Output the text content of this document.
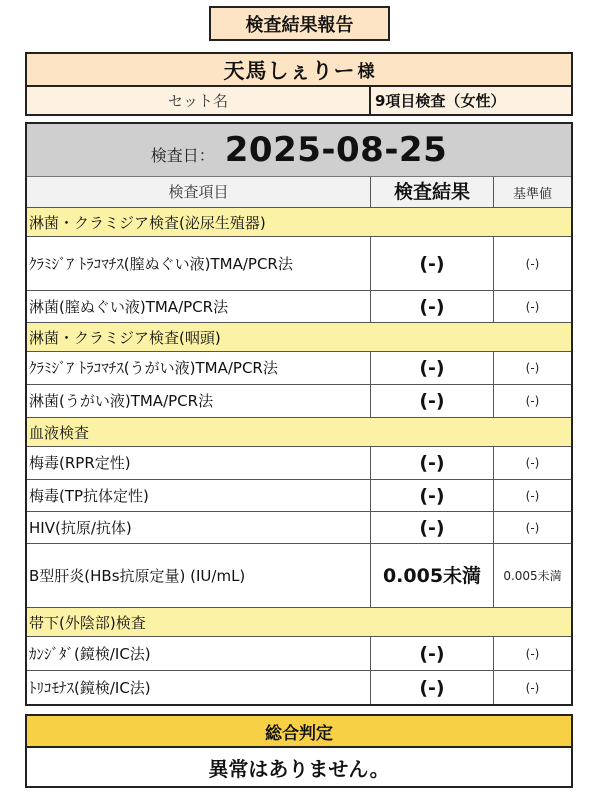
検査結果報告
天馬しぇりー 様
セット名	9項目検査（女性）
検査日： 2025-08-25
検査項目	検査結果	基準値
淋菌・クラミジア検査(泌尿生殖器)
ｸﾗﾐｼﾞｱ ﾄﾗｺﾏﾁｽ(膣ぬぐい液)TMA/PCR法	(-)	(-)
淋菌(膣ぬぐい液)TMA/PCR法	(-)	(-)
淋菌・クラミジア検査(咽頭)
ｸﾗﾐｼﾞｱ ﾄﾗｺﾏﾁｽ(うがい液)TMA/PCR法	(-)	(-)
淋菌(うがい液)TMA/PCR法	(-)	(-)
血液検査
梅毒(RPR定性)	(-)	(-)
梅毒(TP抗体定性)	(-)	(-)
HIV(抗原/抗体)	(-)	(-)
B型肝炎(HBs抗原定量) (IU/mL)	0.005未満	0.005未満
帯下(外陰部)検査
ｶﾝｼﾞﾀﾞ(鏡検/IC法)	(-)	(-)
ﾄﾘｺﾓﾅｽ(鏡検/IC法)	(-)	(-)
総合判定
異常はありません。
